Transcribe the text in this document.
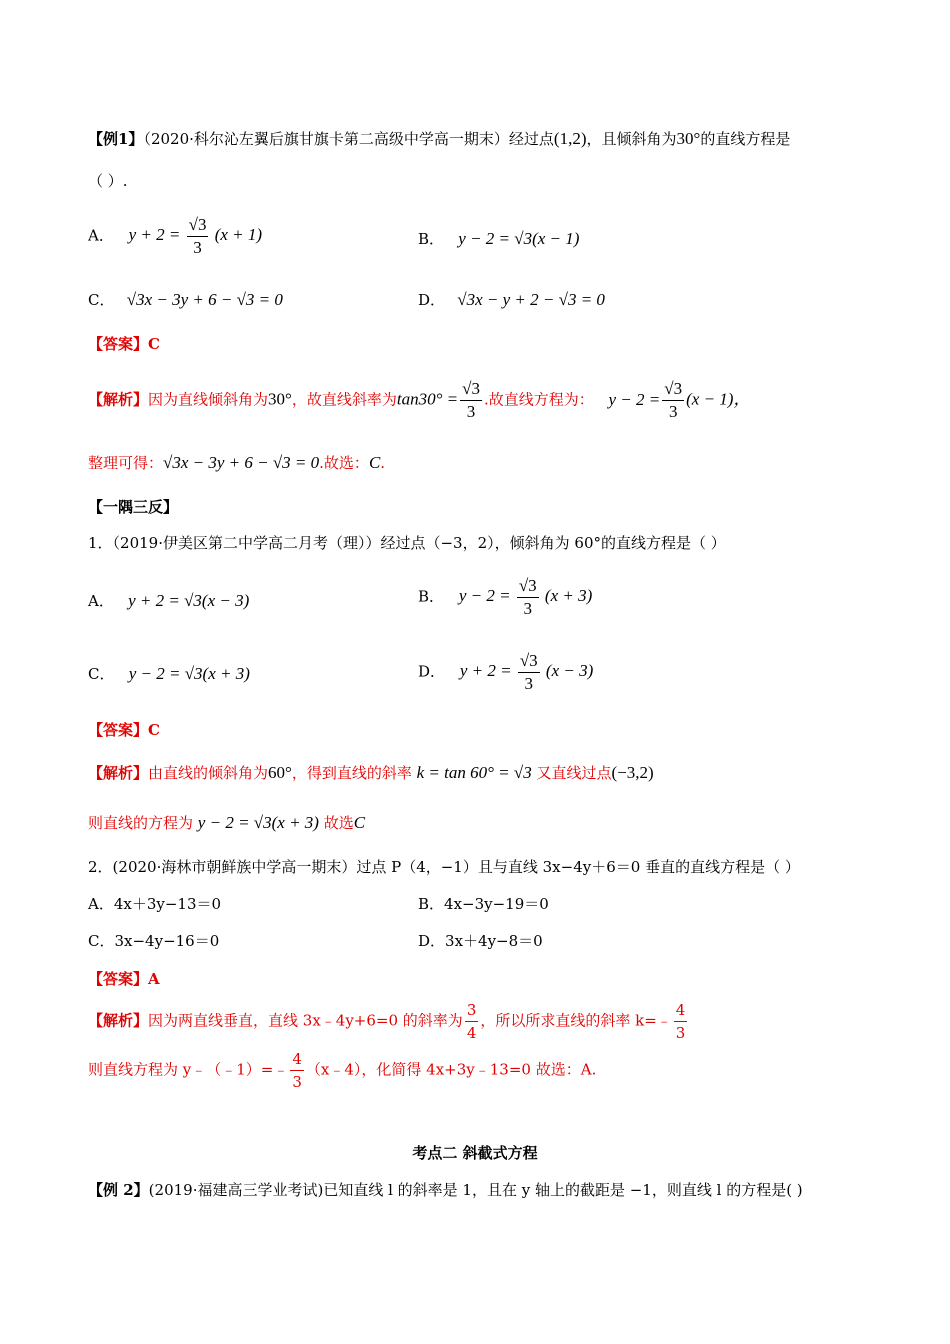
【例1】（2020·科尔沁左翼后旗甘旗卡第二高级中学高一期末）经过点(1,2)，且倾斜角为30°的直线方程是
（ ）.
A． $y + 2 = \frac{√3}{3} (x + 1)$	B． y − 2 = √3(x − 1)
C． √3x − 3y + 6 − √3 = 0	D． √3x − y + 2 − √3 = 0
【答案】C
【解析】因为直线倾斜角为30°，故直线斜率为$\tan 30^\circ = \frac{√3}{3}$ .故直线方程为： $y - 2 = \frac{√3}{3} (x - 1)$，
整理可得：√3x − 3y + 6 − √3 = 0.故选：C.
【一隅三反】
1．（2019·伊美区第二中学高二月考（理））经过点（−3，2），倾斜角为 60°的直线方程是（ ）
A． y + 2 = √3(x − 3)	B． $y - 2 = \frac{√3}{3} (x + 3)$
C． y − 2 = √3(x + 3)	D． $y + 2 = \frac{√3}{3} (x - 3)$
【答案】C
【解析】由直线的倾斜角为60°，得到直线的斜率 k = tan 60° = √3 又直线过点(−3,2)
则直线的方程为 y − 2 = √3(x + 3) 故选C
2．(2020·海林市朝鲜族中学高一期末）过点 P（4，−1）且与直线 3x−4y＋6＝0 垂直的直线方程是（ ）
A．4x＋3y−13＝0	B．4x−3y−19＝0
C．3x−4y−16＝0	D．3x＋4y−8＝0
【答案】A
【解析】因为两直线垂直，直线 3x﹣4y+6=0 的斜率为 $\frac{3}{4}$ ，所以所求直线的斜率 k=﹣ $\frac{4}{3}$
则直线方程为 y﹣（﹣1）=﹣ $\frac{4}{3}$ （x﹣4），化简得 4x+3y﹣13=0 故选：A.
考点二 斜截式方程
【例 2】(2019·福建高三学业考试)已知直线 l 的斜率是 1，且在 y 轴上的截距是 −1，则直线 l 的方程是( )
